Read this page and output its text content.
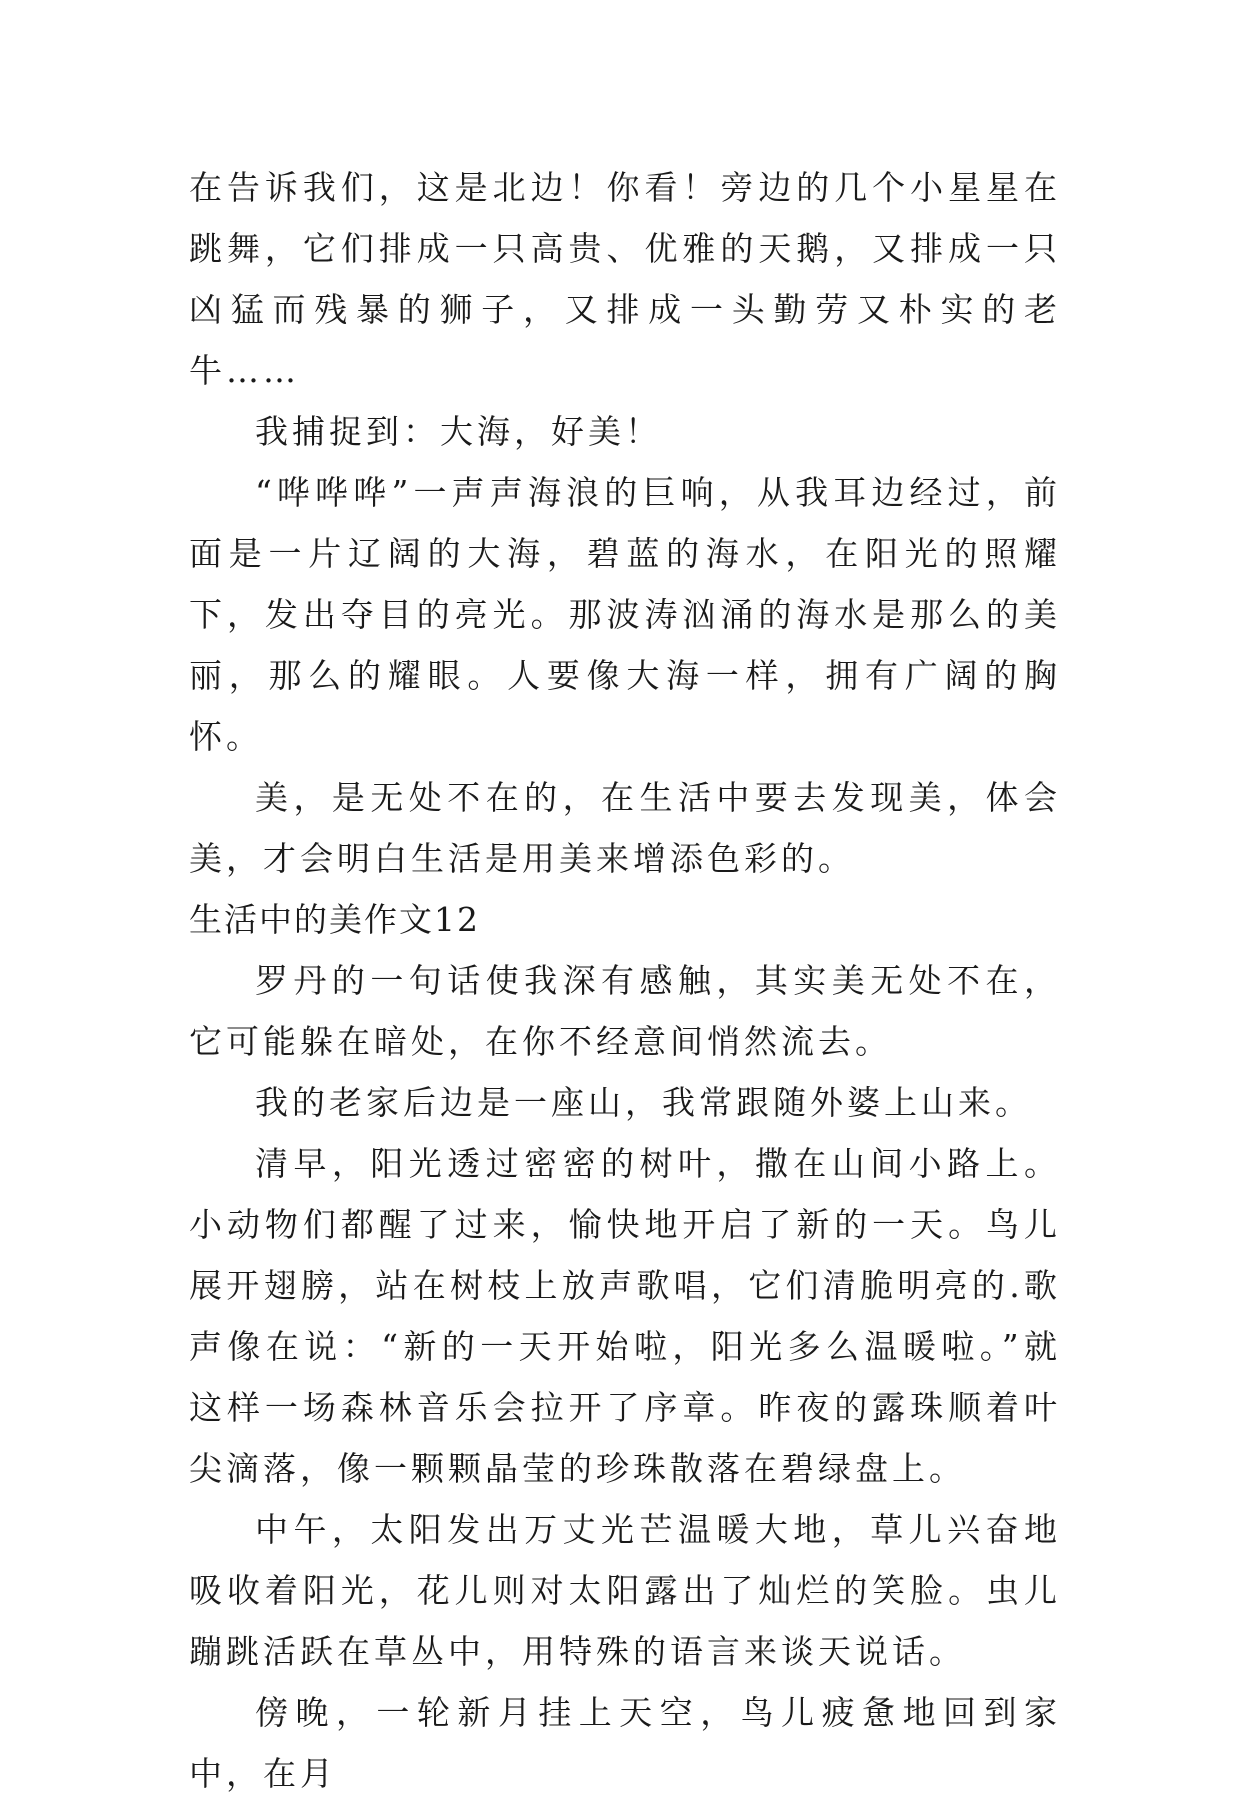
在告诉我们，这是北边！你看！旁边的几个小星星在跳舞，它们排成一只高贵、优雅的天鹅，又排成一只凶猛而残暴的狮子，又排成一头勤劳又朴实的老牛……

我捕捉到：大海，好美！

“哗哗哗”一声声海浪的巨响，从我耳边经过，前面是一片辽阔的大海，碧蓝的海水，在阳光的照耀下，发出夺目的亮光。那波涛汹涌的海水是那么的美丽，那么的耀眼。人要像大海一样，拥有广阔的胸怀。

美，是无处不在的，在生活中要去发现美，体会美，才会明白生活是用美来增添色彩的。

生活中的美作文12

罗丹的一句话使我深有感触，其实美无处不在，它可能躲在暗处，在你不经意间悄然流去。

我的老家后边是一座山，我常跟随外婆上山来。

清早，阳光透过密密的树叶，撒在山间小路上。小动物们都醒了过来，愉快地开启了新的一天。鸟儿展开翅膀，站在树枝上放声歌唱，它们清脆明亮的.歌声像在说：“新的一天开始啦，阳光多么温暖啦。”就这样一场森林音乐会拉开了序章。昨夜的露珠顺着叶尖滴落，像一颗颗晶莹的珍珠散落在碧绿盘上。

中午，太阳发出万丈光芒温暖大地，草儿兴奋地吸收着阳光，花儿则对太阳露出了灿烂的笑脸。虫儿蹦跳活跃在草丛中，用特殊的语言来谈天说话。

傍晚，一轮新月挂上天空，鸟儿疲惫地回到家中，在月
